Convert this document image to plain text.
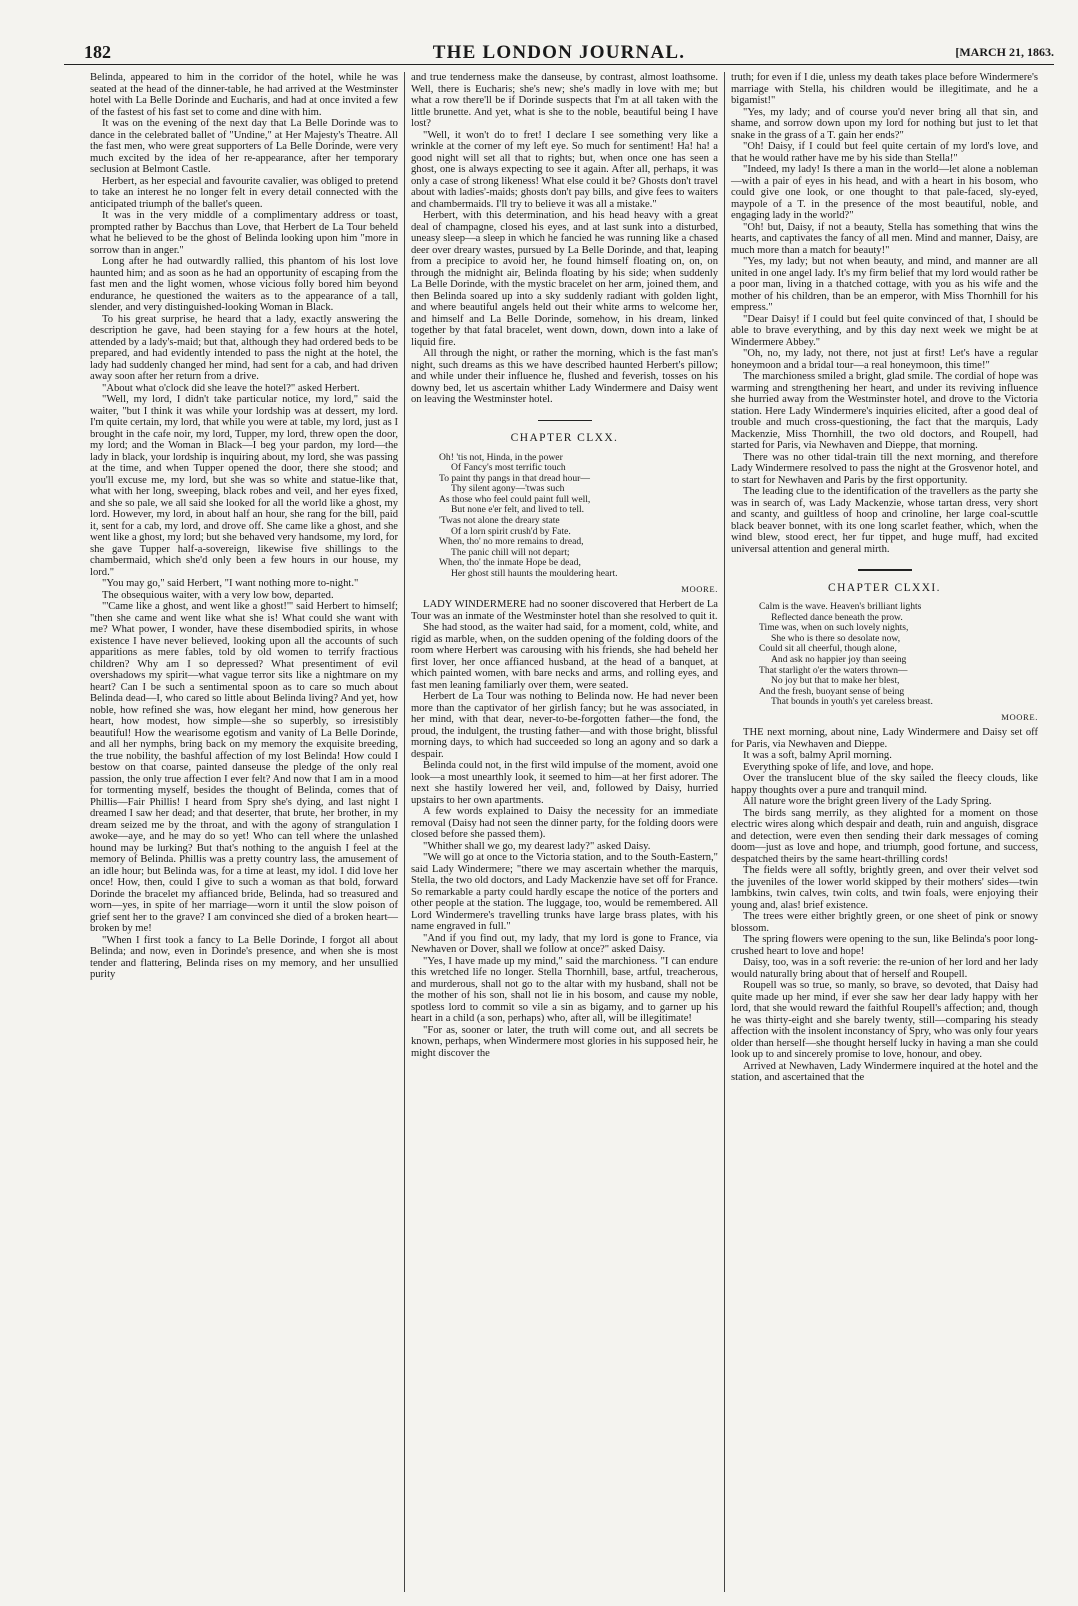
182	THE LONDON JOURNAL.	[MARCH 21, 1863.

Belinda, appeared to him in the corridor of the hotel, while he was seated at the head of the dinner-table, he had arrived at the Westminster hotel with La Belle Dorinde and Eucharis, and had at once invited a few of the fastest of his fast set to come and dine with him.

It was on the evening of the next day that La Belle Dorinde was to dance in the celebrated ballet of "Undine," at Her Majesty's Theatre. All the fast men, who were great supporters of La Belle Dorinde, were very much excited by the idea of her re-appearance, after her temporary seclusion at Belmont Castle.

Herbert, as her especial and favourite cavalier, was obliged to pretend to take an interest he no longer felt in every detail connected with the anticipated triumph of the ballet's queen.

It was in the very middle of a complimentary address or toast, prompted rather by Bacchus than Love, that Herbert de La Tour beheld what he believed to be the ghost of Belinda looking upon him "more in sorrow than in anger."

Long after he had outwardly rallied, this phantom of his lost love haunted him; and as soon as he had an opportunity of escaping from the fast men and the light women, whose vicious folly bored him beyond endurance, he questioned the waiters as to the appearance of a tall, slender, and very distinguished-looking Woman in Black.

To his great surprise, he heard that a lady, exactly answering the description he gave, had been staying for a few hours at the hotel, attended by a lady's-maid; but that, although they had ordered beds to be prepared, and had evidently intended to pass the night at the hotel, the lady had suddenly changed her mind, had sent for a cab, and had driven away soon after her return from a drive.

"About what o'clock did she leave the hotel?" asked Herbert.

"Well, my lord, I didn't take particular notice, my lord," said the waiter, "but I think it was while your lordship was at dessert, my lord. I'm quite certain, my lord, that while you were at table, my lord, just as I brought in the cafe noir, my lord, Tupper, my lord, threw open the door, my lord; and the Woman in Black—I beg your pardon, my lord—the lady in black, your lordship is inquiring about, my lord, she was passing at the time, and when Tupper opened the door, there she stood; and you'll excuse me, my lord, but she was so white and statue-like that, what with her long, sweeping, black robes and veil, and her eyes fixed, and she so pale, we all said she looked for all the world like a ghost, my lord. However, my lord, in about half an hour, she rang for the bill, paid it, sent for a cab, my lord, and drove off. She came like a ghost, and she went like a ghost, my lord; but she behaved very handsome, my lord, for she gave Tupper half-a-sovereign, likewise five shillings to the chambermaid, which she'd only been a few hours in our house, my lord."

"You may go," said Herbert, "I want nothing more to-night."

The obsequious waiter, with a very low bow, departed.

"'Came like a ghost, and went like a ghost!'" said Herbert to himself; "then she came and went like what she is! What could she want with me? What power, I wonder, have these disembodied spirits, in whose existence I have never believed, looking upon all the accounts of such apparitions as mere fables, told by old women to terrify fractious children? Why am I so depressed? What presentiment of evil overshadows my spirit—what vague terror sits like a nightmare on my heart? Can I be such a sentimental spoon as to care so much about Belinda dead—I, who cared so little about Belinda living? And yet, how noble, how refined she was, how elegant her mind, how generous her heart, how modest, how simple—she so superbly, so irresistibly beautiful! How the wearisome egotism and vanity of La Belle Dorinde, and all her nymphs, bring back on my memory the exquisite breeding, the true nobility, the bashful affection of my lost Belinda! How could I bestow on that coarse, painted danseuse the pledge of the only real passion, the only true affection I ever felt? And now that I am in a mood for tormenting myself, besides the thought of Belinda, comes that of Phillis—Fair Phillis! I heard from Spry she's dying, and last night I dreamed I saw her dead; and that deserter, that brute, her brother, in my dream seized me by the throat, and with the agony of strangulation I awoke—aye, and he may do so yet! Who can tell where the unlashed hound may be lurking? But that's nothing to the anguish I feel at the memory of Belinda. Phillis was a pretty country lass, the amusement of an idle hour; but Belinda was, for a time at least, my idol. I did love her once! How, then, could I give to such a woman as that bold, forward Dorinde the bracelet my affianced bride, Belinda, had so treasured and worn—yes, in spite of her marriage—worn it until the slow poison of grief sent her to the grave? I am convinced she died of a broken heart—broken by me!

"When I first took a fancy to La Belle Dorinde, I forgot all about Belinda; and now, even in Dorinde's presence, and when she is most tender and flattering, Belinda rises on my memory, and her unsullied purity

and true tenderness make the danseuse, by contrast, almost loathsome. Well, there is Eucharis; she's new; she's madly in love with me; but what a row there'll be if Dorinde suspects that I'm at all taken with the little brunette. And yet, what is she to the noble, beautiful being I have lost?

"Well, it won't do to fret! I declare I see something very like a wrinkle at the corner of my left eye. So much for sentiment! Ha! ha! a good night will set all that to rights; but, when once one has seen a ghost, one is always expecting to see it again. After all, perhaps, it was only a case of strong likeness! What else could it be? Ghosts don't travel about with ladies'-maids; ghosts don't pay bills, and give fees to waiters and chambermaids. I'll try to believe it was all a mistake."

Herbert, with this determination, and his head heavy with a great deal of champagne, closed his eyes, and at last sunk into a disturbed, uneasy sleep—a sleep in which he fancied he was running like a chased deer over dreary wastes, pursued by La Belle Dorinde, and that, leaping from a precipice to avoid her, he found himself floating on, on, on through the midnight air, Belinda floating by his side; when suddenly La Belle Dorinde, with the mystic bracelet on her arm, joined them, and then Belinda soared up into a sky suddenly radiant with golden light, and where beautiful angels held out their white arms to welcome her, and himself and La Belle Dorinde, somehow, in his dream, linked together by that fatal bracelet, went down, down, down into a lake of liquid fire.

All through the night, or rather the morning, which is the fast man's night, such dreams as this we have described haunted Herbert's pillow; and while under their influence he, flushed and feverish, tosses on his downy bed, let us ascertain whither Lady Windermere and Daisy went on leaving the Westminster hotel.

CHAPTER CLXX.
Oh! 'tis not, Hinda, in the power
Of Fancy's most terrific touch
To paint thy pangs in that dread hour—
Thy silent agony—'twas such
As those who feel could paint full well,
But none e'er felt, and lived to tell.
'Twas not alone the dreary state
Of a lorn spirit crush'd by Fate.
When, tho' no more remains to dread,
The panic chill will not depart;
When, tho' the inmate Hope be dead,
Her ghost still haunts the mouldering heart.
MOORE.

LADY WINDERMERE had no sooner discovered that Herbert de La Tour was an inmate of the Westminster hotel than she resolved to quit it.

She had stood, as the waiter had said, for a moment, cold, white, and rigid as marble, when, on the sudden opening of the folding doors of the room where Herbert was carousing with his friends, she had beheld her first lover, her once affianced husband, at the head of a banquet, at which painted women, with bare necks and arms, and rolling eyes, and fast men leaning familiarly over them, were seated.

Herbert de La Tour was nothing to Belinda now. He had never been more than the captivator of her girlish fancy; but he was associated, in her mind, with that dear, never-to-be-forgotten father—the fond, the proud, the indulgent, the trusting father—and with those bright, blissful morning days, to which had succeeded so long an agony and so dark a despair.

Belinda could not, in the first wild impulse of the moment, avoid one look—a most unearthly look, it seemed to him—at her first adorer. The next she hastily lowered her veil, and, followed by Daisy, hurried upstairs to her own apartments.

A few words explained to Daisy the necessity for an immediate removal (Daisy had not seen the dinner party, for the folding doors were closed before she passed them).

"Whither shall we go, my dearest lady?" asked Daisy.

"We will go at once to the Victoria station, and to the South-Eastern," said Lady Windermere; "there we may ascertain whether the marquis, Stella, the two old doctors, and Lady Mackenzie have set off for France. So remarkable a party could hardly escape the notice of the porters and other people at the station. The luggage, too, would be remembered. All Lord Windermere's travelling trunks have large brass plates, with his name engraved in full."

"And if you find out, my lady, that my lord is gone to France, via Newhaven or Dover, shall we follow at once?" asked Daisy.

"Yes, I have made up my mind," said the marchioness. "I can endure this wretched life no longer. Stella Thornhill, base, artful, treacherous, and murderous, shall not go to the altar with my husband, shall not be the mother of his son, shall not lie in his bosom, and cause my noble, spotless lord to commit so vile a sin as bigamy, and to garner up his heart in a child (a son, perhaps) who, after all, will be illegitimate!

"For as, sooner or later, the truth will come out, and all secrets be known, perhaps, when Windermere most glories in his supposed heir, he might discover the

truth; for even if I die, unless my death takes place before Windermere's marriage with Stella, his children would be illegitimate, and he a bigamist!"

"Yes, my lady; and of course you'd never bring all that sin, and shame, and sorrow down upon my lord for nothing but just to let that snake in the grass of a T. gain her ends?"

"Oh! Daisy, if I could but feel quite certain of my lord's love, and that he would rather have me by his side than Stella!"

"Indeed, my lady! Is there a man in the world—let alone a nobleman—with a pair of eyes in his head, and with a heart in his bosom, who could give one look, or one thought to that pale-faced, sly-eyed, maypole of a T. in the presence of the most beautiful, noble, and engaging lady in the world?"

"Oh! but, Daisy, if not a beauty, Stella has something that wins the hearts, and captivates the fancy of all men. Mind and manner, Daisy, are much more than a match for beauty!"

"Yes, my lady; but not when beauty, and mind, and manner are all united in one angel lady. It's my firm belief that my lord would rather be a poor man, living in a thatched cottage, with you as his wife and the mother of his children, than be an emperor, with Miss Thornhill for his empress."

"Dear Daisy! if I could but feel quite convinced of that, I should be able to brave everything, and by this day next week we might be at Windermere Abbey."

"Oh, no, my lady, not there, not just at first! Let's have a regular honeymoon and a bridal tour—a real honeymoon, this time!"

The marchioness smiled a bright, glad smile. The cordial of hope was warming and strengthening her heart, and under its reviving influence she hurried away from the Westminster hotel, and drove to the Victoria station. Here Lady Windermere's inquiries elicited, after a good deal of trouble and much cross-questioning, the fact that the marquis, Lady Mackenzie, Miss Thornhill, the two old doctors, and Roupell, had started for Paris, via Newhaven and Dieppe, that morning.

There was no other tidal-train till the next morning, and therefore Lady Windermere resolved to pass the night at the Grosvenor hotel, and to start for Newhaven and Paris by the first opportunity.

The leading clue to the identification of the travellers as the party she was in search of, was Lady Mackenzie, whose tartan dress, very short and scanty, and guiltless of hoop and crinoline, her large coal-scuttle black beaver bonnet, with its one long scarlet feather, which, when the wind blew, stood erect, her fur tippet, and huge muff, had excited universal attention and general mirth.

CHAPTER CLXXI.
Calm is the wave. Heaven's brilliant lights
Reflected dance beneath the prow.
Time was, when on such lovely nights,
She who is there so desolate now,
Could sit all cheerful, though alone,
And ask no happier joy than seeing
That starlight o'er the waters thrown—
No joy but that to make her blest,
And the fresh, buoyant sense of being
That bounds in youth's yet careless breast.
MOORE.

THE next morning, about nine, Lady Windermere and Daisy set off for Paris, via Newhaven and Dieppe.

It was a soft, balmy April morning.

Everything spoke of life, and love, and hope.

Over the translucent blue of the sky sailed the fleecy clouds, like happy thoughts over a pure and tranquil mind.

All nature wore the bright green livery of the Lady Spring.

The birds sang merrily, as they alighted for a moment on those electric wires along which despair and death, ruin and anguish, disgrace and detection, were even then sending their dark messages of coming doom—just as love and hope, and triumph, good fortune, and success, despatched theirs by the same heart-thrilling cords!

The fields were all softly, brightly green, and over their velvet sod the juveniles of the lower world skipped by their mothers' sides—twin lambkins, twin calves, twin colts, and twin foals, were enjoying their young and, alas! brief existence.

The trees were either brightly green, or one sheet of pink or snowy blossom.

The spring flowers were opening to the sun, like Belinda's poor long-crushed heart to love and hope!

Daisy, too, was in a soft reverie: the re-union of her lord and her lady would naturally bring about that of herself and Roupell.

Roupell was so true, so manly, so brave, so devoted, that Daisy had quite made up her mind, if ever she saw her dear lady happy with her lord, that she would reward the faithful Roupell's affection; and, though he was thirty-eight and she barely twenty, still—comparing his steady affection with the insolent inconstancy of Spry, who was only four years older than herself—she thought herself lucky in having a man she could look up to and sincerely promise to love, honour, and obey.

Arrived at Newhaven, Lady Windermere inquired at the hotel and the station, and ascertained that the
